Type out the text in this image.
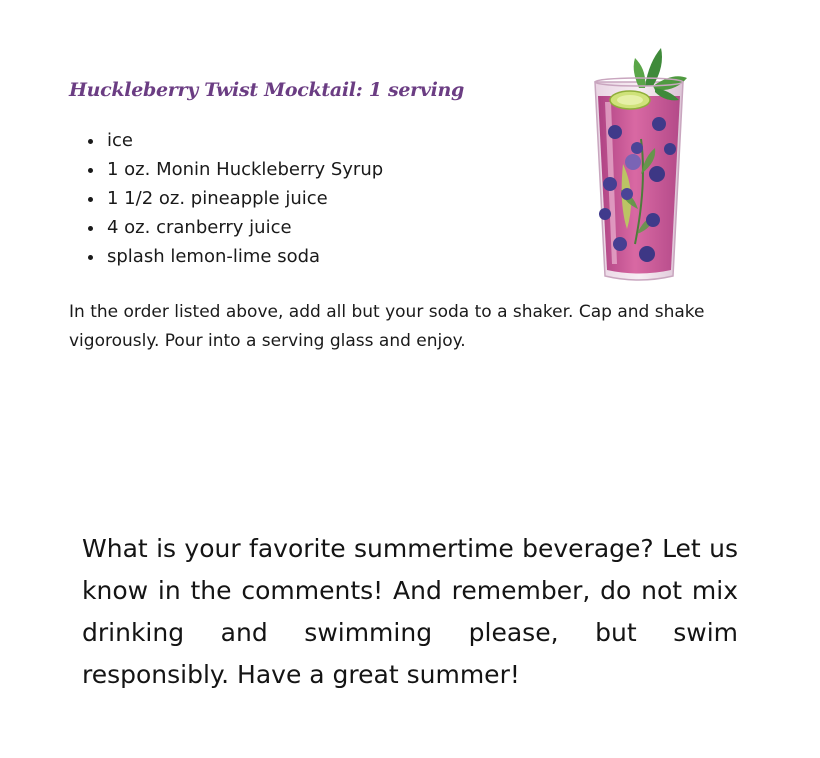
Huckleberry Twist Mocktail: 1 serving
• ice
• 1 oz. Monin Huckleberry Syrup
• 1 1/2 oz. pineapple juice
• 4 oz. cranberry juice
• splash lemon-lime soda

In the order listed above, add all but your soda to a shaker. Cap and shake vigorously. Pour into a serving glass and enjoy.

What is your favorite summertime beverage? Let us know in the comments! And remember, do not mix drinking and swimming please, but swim responsibly. Have a great summer!
